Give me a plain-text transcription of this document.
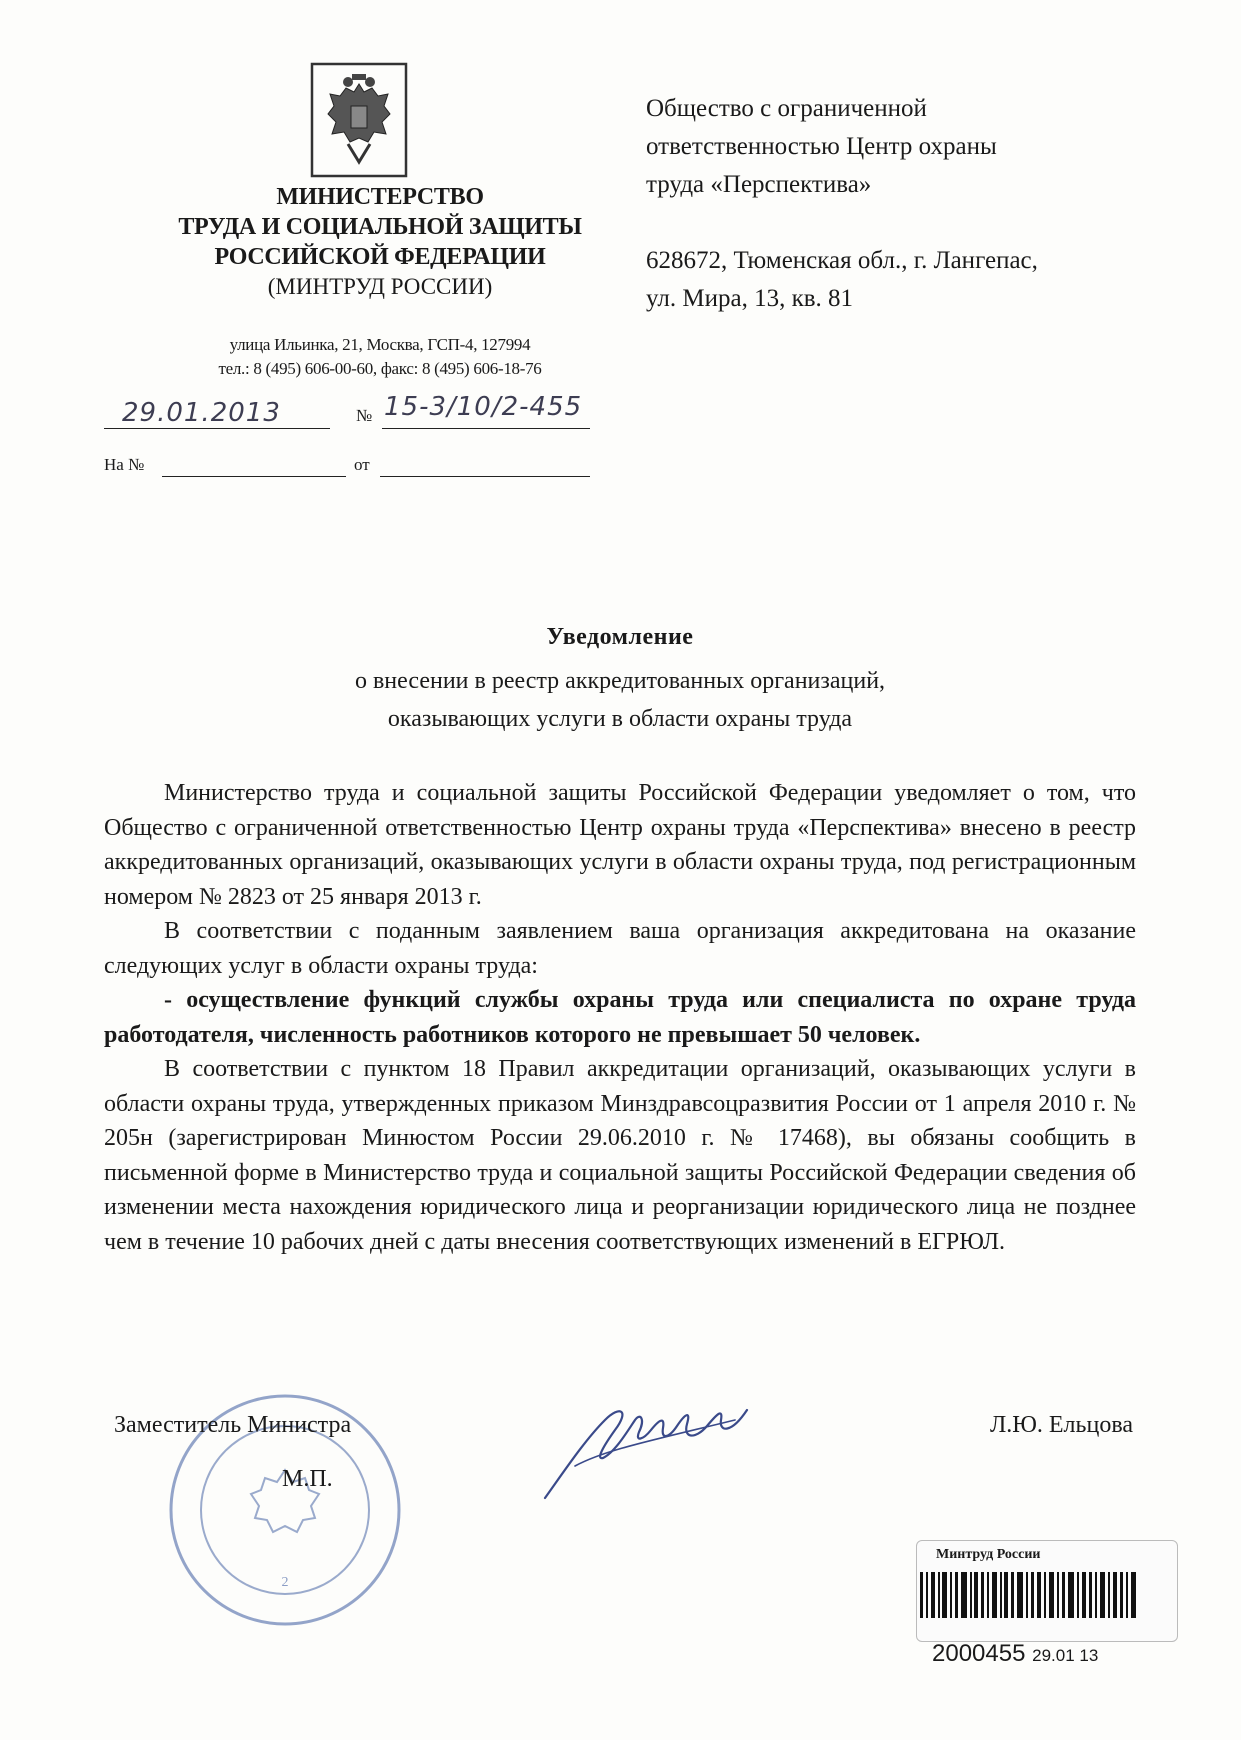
МИНИСТЕРСТВО
ТРУДА И СОЦИАЛЬНОЙ ЗАЩИТЫ
РОССИЙСКОЙ ФЕДЕРАЦИИ
(МИНТРУД РОССИИ)
улица Ильинка, 21, Москва, ГСП-4, 127994
тел.: 8 (495) 606-00-60, факс: 8 (495) 606-18-76
29.01.2013	№ 15-3/10/2-455
На №	от
Общество с ограниченной
ответственностью Центр охраны
труда «Перспектива»
628672, Тюменская обл., г. Лангепас,
ул. Мира, 13, кв. 81
Уведомление
о внесении в реестр аккредитованных организаций,
оказывающих услуги в области охраны труда

Министерство труда и социальной защиты Российской Федерации уведомляет о том, что Общество с ограниченной ответственностью Центр охраны труда «Перспектива» внесено в реестр аккредитованных организаций, оказывающих услуги в области охраны труда, под регистрационным номером № 2823 от 25 января 2013 г.

В соответствии с поданным заявлением ваша организация аккредитована на оказание следующих услуг в области охраны труда:

- осуществление функций службы охраны труда или специалиста по охране труда работодателя, численность работников которого не превышает 50 человек.

В соответствии с пунктом 18 Правил аккредитации организаций, оказывающих услуги в области охраны труда, утвержденных приказом Минздравсоцразвития России от 1 апреля 2010 г. № 205н (зарегистрирован Минюстом России 29.06.2010 г. № 17468), вы обязаны сообщить в письменной форме в Министерство труда и социальной защиты Российской Федерации сведения об изменении места нахождения юридического лица и реорганизации юридического лица не позднее чем в течение 10 рабочих дней с даты внесения соответствующих изменений в ЕГРЮЛ.

2
Заместитель Министра
М.П.
Л.Ю. Ельцова
Минтруд России
2000455 29.01 13
